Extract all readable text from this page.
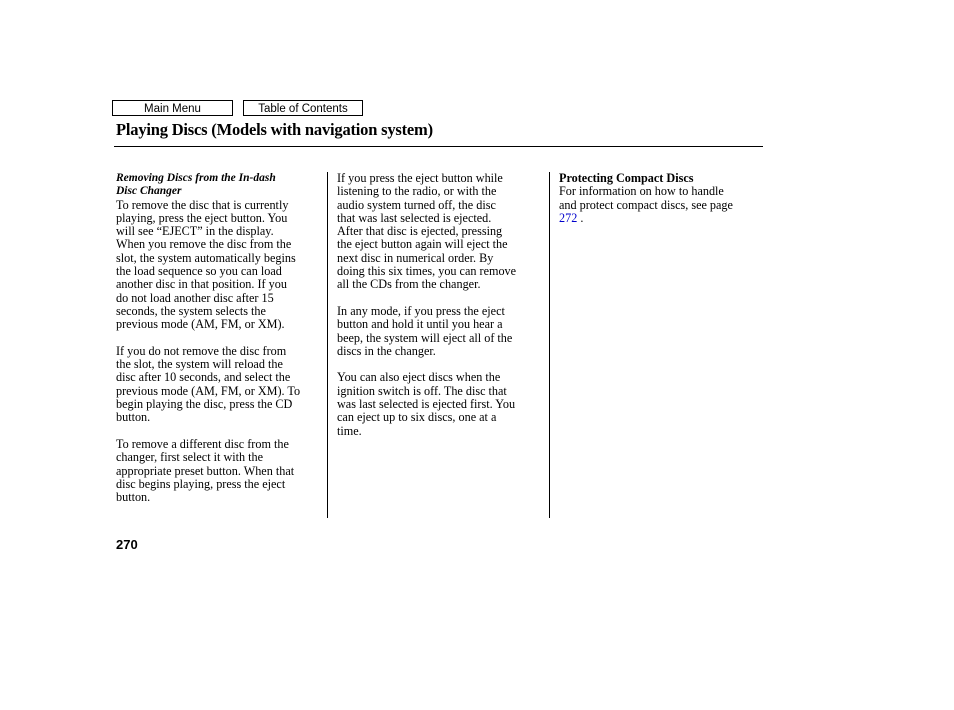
Main Menu	Table of Contents
Playing Discs (Models with navigation system)
Removing Discs from the In-dash
Disc Changer

To remove the disc that is currently
playing, press the eject button. You
will see “EJECT” in the display.
When you remove the disc from the
slot, the system automatically begins
the load sequence so you can load
another disc in that position. If you
do not load another disc after 15
seconds, the system selects the
previous mode (AM, FM, or XM).

If you do not remove the disc from
the slot, the system will reload the
disc after 10 seconds, and select the
previous mode (AM, FM, or XM). To
begin playing the disc, press the CD
button.

To remove a different disc from the
changer, first select it with the
appropriate preset button. When that
disc begins playing, press the eject
button.

If you press the eject button while
listening to the radio, or with the
audio system turned off, the disc
that was last selected is ejected.
After that disc is ejected, pressing
the eject button again will eject the
next disc in numerical order. By
doing this six times, you can remove
all the CDs from the changer.

In any mode, if you press the eject
button and hold it until you hear a
beep, the system will eject all of the
discs in the changer.

You can also eject discs when the
ignition switch is off. The disc that
was last selected is ejected first. You
can eject up to six discs, one at a
time.

Protecting Compact Discs

For information on how to handle
and protect compact discs, see page
272 .

270
